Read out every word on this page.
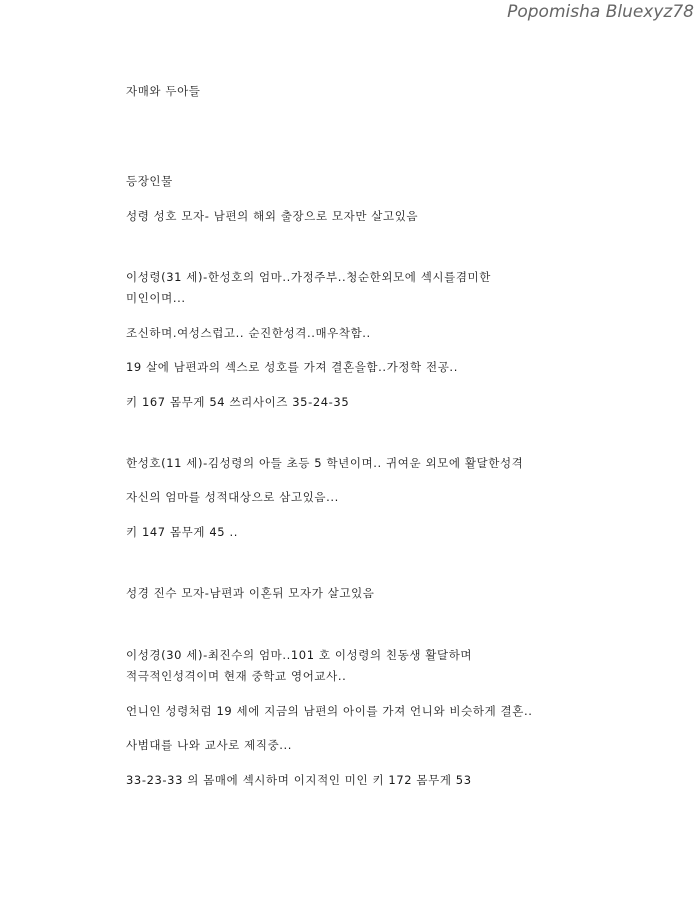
Popomisha Bluexyz78
자매와 두아들
등장인물
성령 성호 모자- 남편의 해외 출장으로 모자만 살고있음
이성령(31 세)-한성호의 엄마..가정주부..청순한외모에 섹시를겸미한
미인이며...
조신하며.여성스럽고.. 순진한성격..매우착함..
19 살에 남편과의 섹스로 성호를 가져 결혼을함..가정학 전공..
키 167 몸무게 54 쓰리사이즈 35-24-35
한성호(11 세)-김성령의 아들 초등 5 학년이며.. 귀여운 외모에 활달한성격
자신의 엄마를 성적대상으로 삼고있음...
키 147 몸무게 45 ..
성경 진수 모자-남편과 이혼뒤 모자가 살고있음
이성경(30 세)-최진수의 엄마..101 호 이성령의 친동생 활달하며
적극적인성격이며 현재 중학교 영어교사..
언니인 성령처럼 19 세에 지금의 남편의 아이를 가져 언니와 비슷하게 결혼..
사범대를 나와 교사로 제직중...
33-23-33 의 몸매에 섹시하며 이지적인 미인 키 172 몸무게 53
